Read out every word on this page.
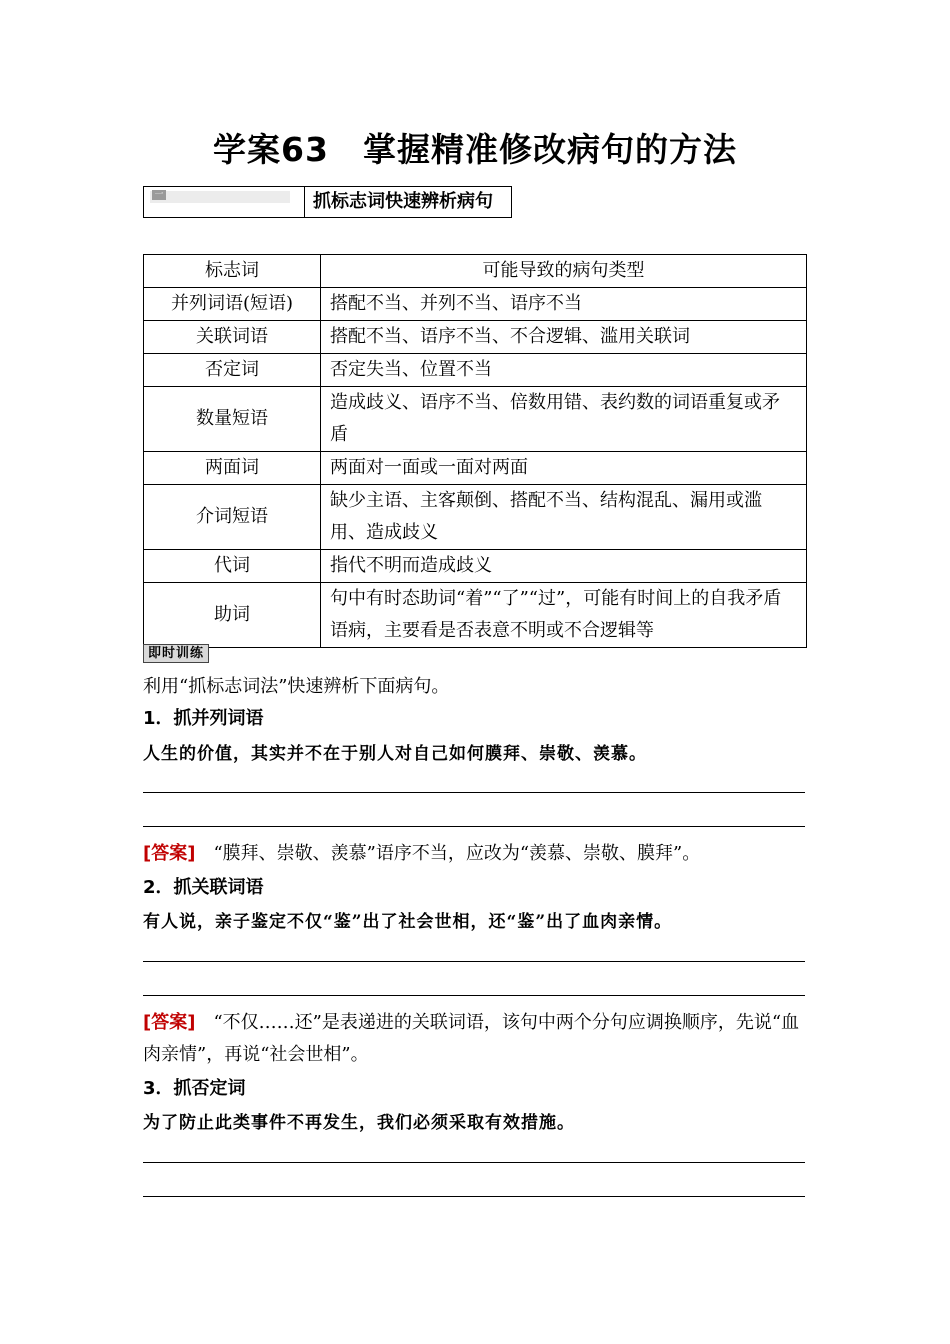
学案63　掌握精准修改病句的方法
一	抓标志词快速辨析病句
标志词	可能导致的病句类型
并列词语(短语)	搭配不当、并列不当、语序不当
关联词语	搭配不当、语序不当、不合逻辑、滥用关联词
否定词	否定失当、位置不当
数量短语	造成歧义、语序不当、倍数用错、表约数的词语重复或矛盾
两面词	两面对一面或一面对两面
介词短语	缺少主语、主客颠倒、搭配不当、结构混乱、漏用或滥用、造成歧义
代词	指代不明而造成歧义
助词	句中有时态助词“着”“了”“过”，可能有时间上的自我矛盾语病，主要看是否表意不明或不合逻辑等
即时训练
利用“抓标志词法”快速辨析下面病句。
1．抓并列词语
人生的价值，其实并不在于别人对自己如何膜拜、崇敬、羡慕。
[答案]　 “膜拜、崇敬、羡慕”语序不当，应改为“羡慕、崇敬、膜拜”。
2．抓关联词语
有人说，亲子鉴定不仅“鉴”出了社会世相，还“鉴”出了血肉亲情。
[答案]　 “不仅……还”是表递进的关联词语，该句中两个分句应调换顺序，先说“血肉亲情”，再说“社会世相”。
3．抓否定词
为了防止此类事件不再发生，我们必须采取有效措施。
